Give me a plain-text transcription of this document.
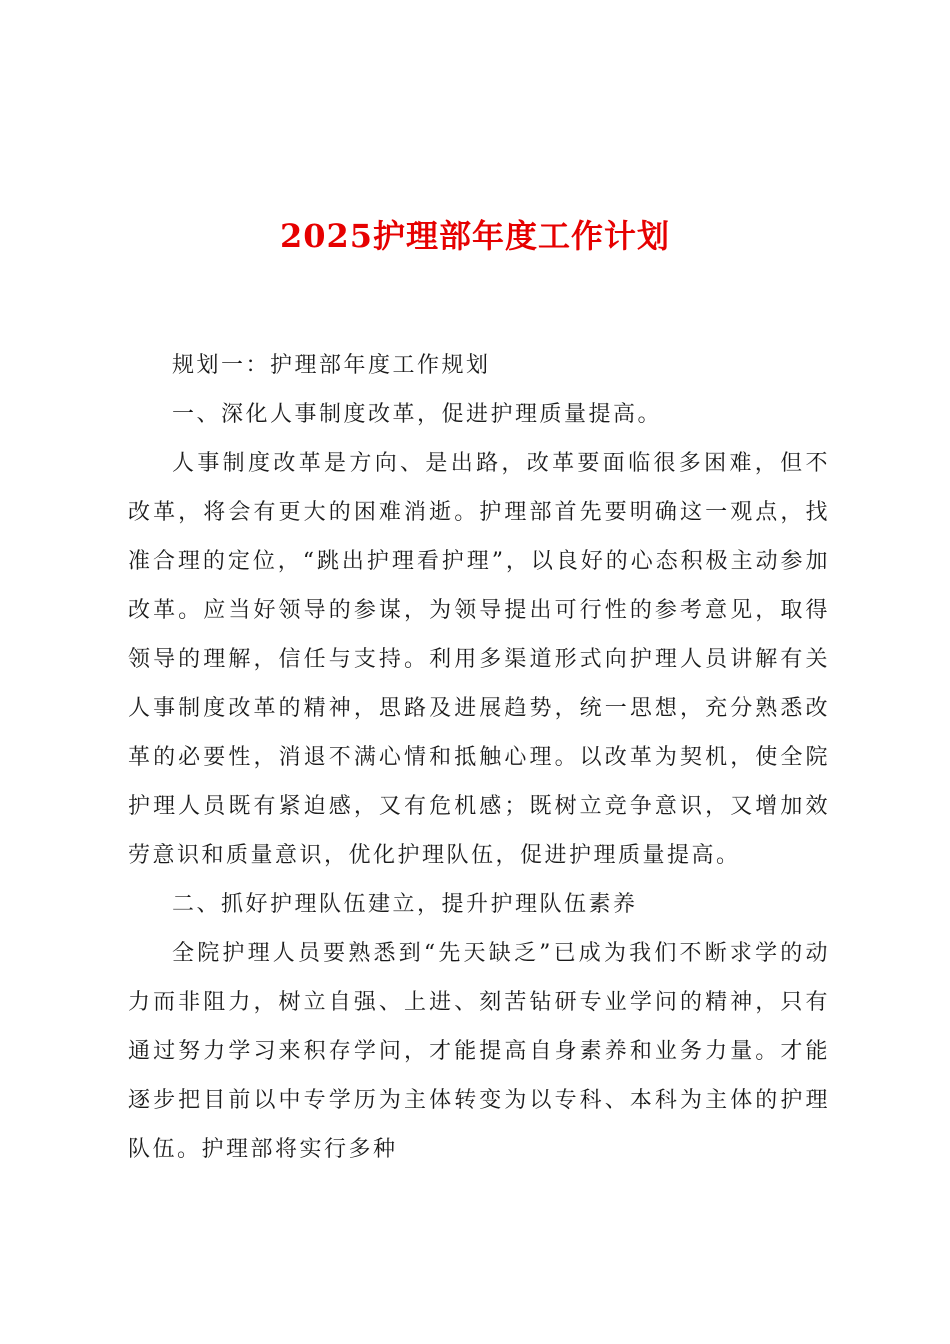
2025护理部年度工作计划

规划一：护理部年度工作规划

一、深化人事制度改革，促进护理质量提高。

人事制度改革是方向、是出路，改革要面临很多困难，但不改革，将会有更大的困难消逝。护理部首先要明确这一观点，找准合理的定位，“跳出护理看护理”，以良好的心态积极主动参加改革。应当好领导的参谋，为领导提出可行性的参考意见，取得领导的理解，信任与支持。利用多渠道形式向护理人员讲解有关人事制度改革的精神，思路及进展趋势，统一思想，充分熟悉改革的必要性，消退不满心情和抵触心理。以改革为契机，使全院护理人员既有紧迫感，又有危机感；既树立竞争意识，又增加效劳意识和质量意识，优化护理队伍，促进护理质量提高。

二、抓好护理队伍建立，提升护理队伍素养

全院护理人员要熟悉到“先天缺乏”已成为我们不断求学的动力而非阻力，树立自强、上进、刻苦钻研专业学问的精神，只有通过努力学习来积存学问，才能提高自身素养和业务力量。才能逐步把目前以中专学历为主体转变为以专科、本科为主体的护理队伍。护理部将实行多种
